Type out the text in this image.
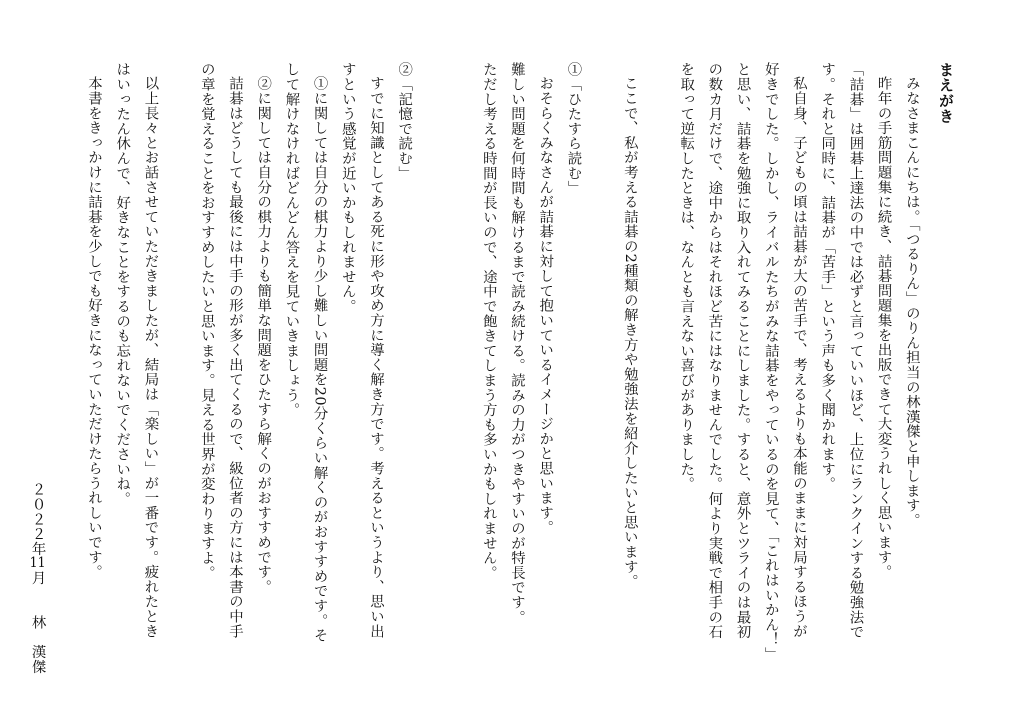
まえがき
みなさまこんにちは。「つるりん」のりん担当の林漢傑と申します。
昨年の手筋問題集に続き、詰碁問題集を出版できて大変うれしく思います。
「詰碁」は囲碁上達法の中では必ずと言っていいほど、上位にランクインする勉強法で
す。それと同時に、詰碁が「苦手」という声も多く聞かれます。
私自身、子どもの頃は詰碁が大の苦手で、考えるよりも本能のままに対局するほうが
好きでした。しかし、ライバルたちがみな詰碁をやっているのを見て、「これはいかん！」
と思い、詰碁を勉強に取り入れてみることにしました。すると、意外とツライのは最初
の数カ月だけで、途中からはそれほど苦にはなりませんでした。何より実戦で相手の石
を取って逆転したときは、なんとも言えない喜びがありました。
ここで、私が考える詰碁の2種類の解き方や勉強法を紹介したいと思います。
①「ひたすら読む」
おそらくみなさんが詰碁に対して抱いているイメージかと思います。
難しい問題を何時間も解けるまで読み続ける。読みの力がつきやすいのが特長です。
ただし考える時間が長いので、途中で飽きてしまう方も多いかもしれません。
②「記憶で読む」
すでに知識としてある死に形や攻め方に導く解き方です。考えるというより、思い出
すという感覚が近いかもしれません。
①に関しては自分の棋力より少し難しい問題を20分くらい解くのがおすすめです。そ
して解けなければどんどん答えを見ていきましょう。
②に関しては自分の棋力よりも簡単な問題をひたすら解くのがおすすめです。
詰碁はどうしても最後には中手の形が多く出てくるので、級位者の方には本書の中手
の章を覚えることをおすすめしたいと思います。見える世界が変わりますよ。
以上長々とお話させていただきましたが、結局は「楽しい」が一番です。疲れたとき
はいったん休んで、好きなことをするのも忘れないでくださいね。
本書をきっかけに詰碁を少しでも好きになっていただけたらうれしいです。
２０２２年11月　　林　漢傑
